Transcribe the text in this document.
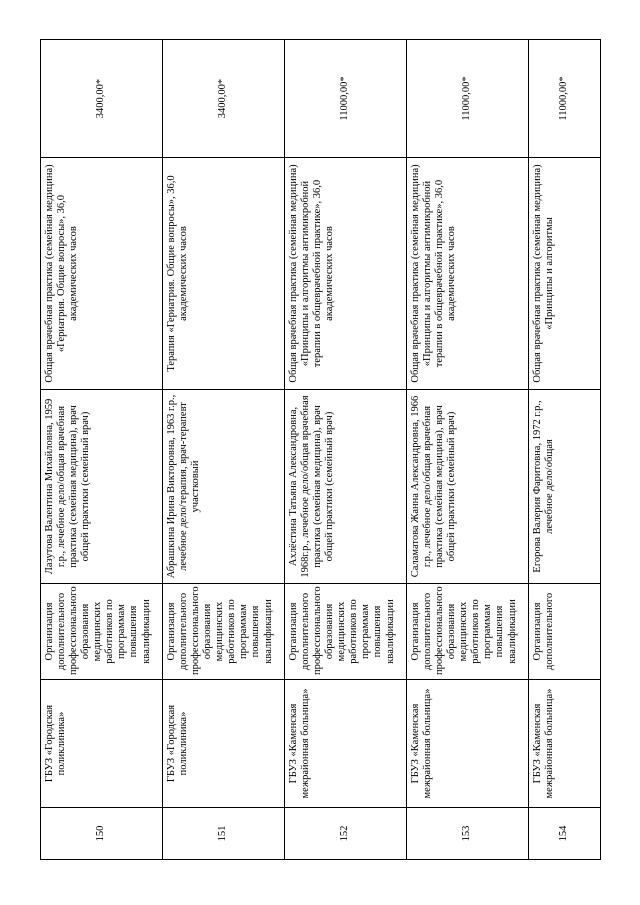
150	ГБУЗ «Городская поликлиника»	Организация дополнительного профессионального образования медицинских работников по программам повышения квалификации	Лазутова Валентина Михайловна, 1959 г.р., лечебное дело/общая врачебная практика (семейная медицина), врач общей практики (семейный врач)	Общая врачебная практика (семейная медицина) «Гериатрия. Общие вопросы», 36,0 академических часов	3400,00*
151	ГБУЗ «Городская поликлиника»	Организация дополнительного профессионального образования медицинских работников по программам повышения квалификации	Абрашкина Ирина Викторовна, 1963 г.р., лечебное дело/терапия, врач-терапевт участковый	Терапия «Гериатрия. Общие вопросы», 36,0 академических часов	3400,00*
152	ГБУЗ «Каменская межрайонная больница»	Организация дополнительного профессионального образования медицинских работников по программам повышения квалификации	Ахлёстина Татьяна Александровна, 1968г.р., лечебное дело/общая врачебная практика (семейная медицина), врач общей практики (семейный врач)	Общая врачебная практика (семейная медицина) «Принципы и алгоритмы антимикробной терапии в общеврачебной практике», 36,0 академических часов	11000,00*
153	ГБУЗ «Каменская межрайонная больница»	Организация дополнительного профессионального образования медицинских работников по программам повышения квалификации	Саламатова Жанна Александровна, 1966 г.р., лечебное дело/общая врачебная практика (семейная медицина), врач общей практики (семейный врач)	Общая врачебная практика (семейная медицина) «Принципы и алгоритмы антимикробной терапии в общеврачебной практике», 36,0 академических часов	11000,00*
154	ГБУЗ «Каменская межрайонная больница»	Организация дополнительного	Егорова Валерия Фаритовна, 1972 г.р., лечебное дело/общая	Общая врачебная практика (семейная медицина) «Принципы и алгоритмы	11000,00*
